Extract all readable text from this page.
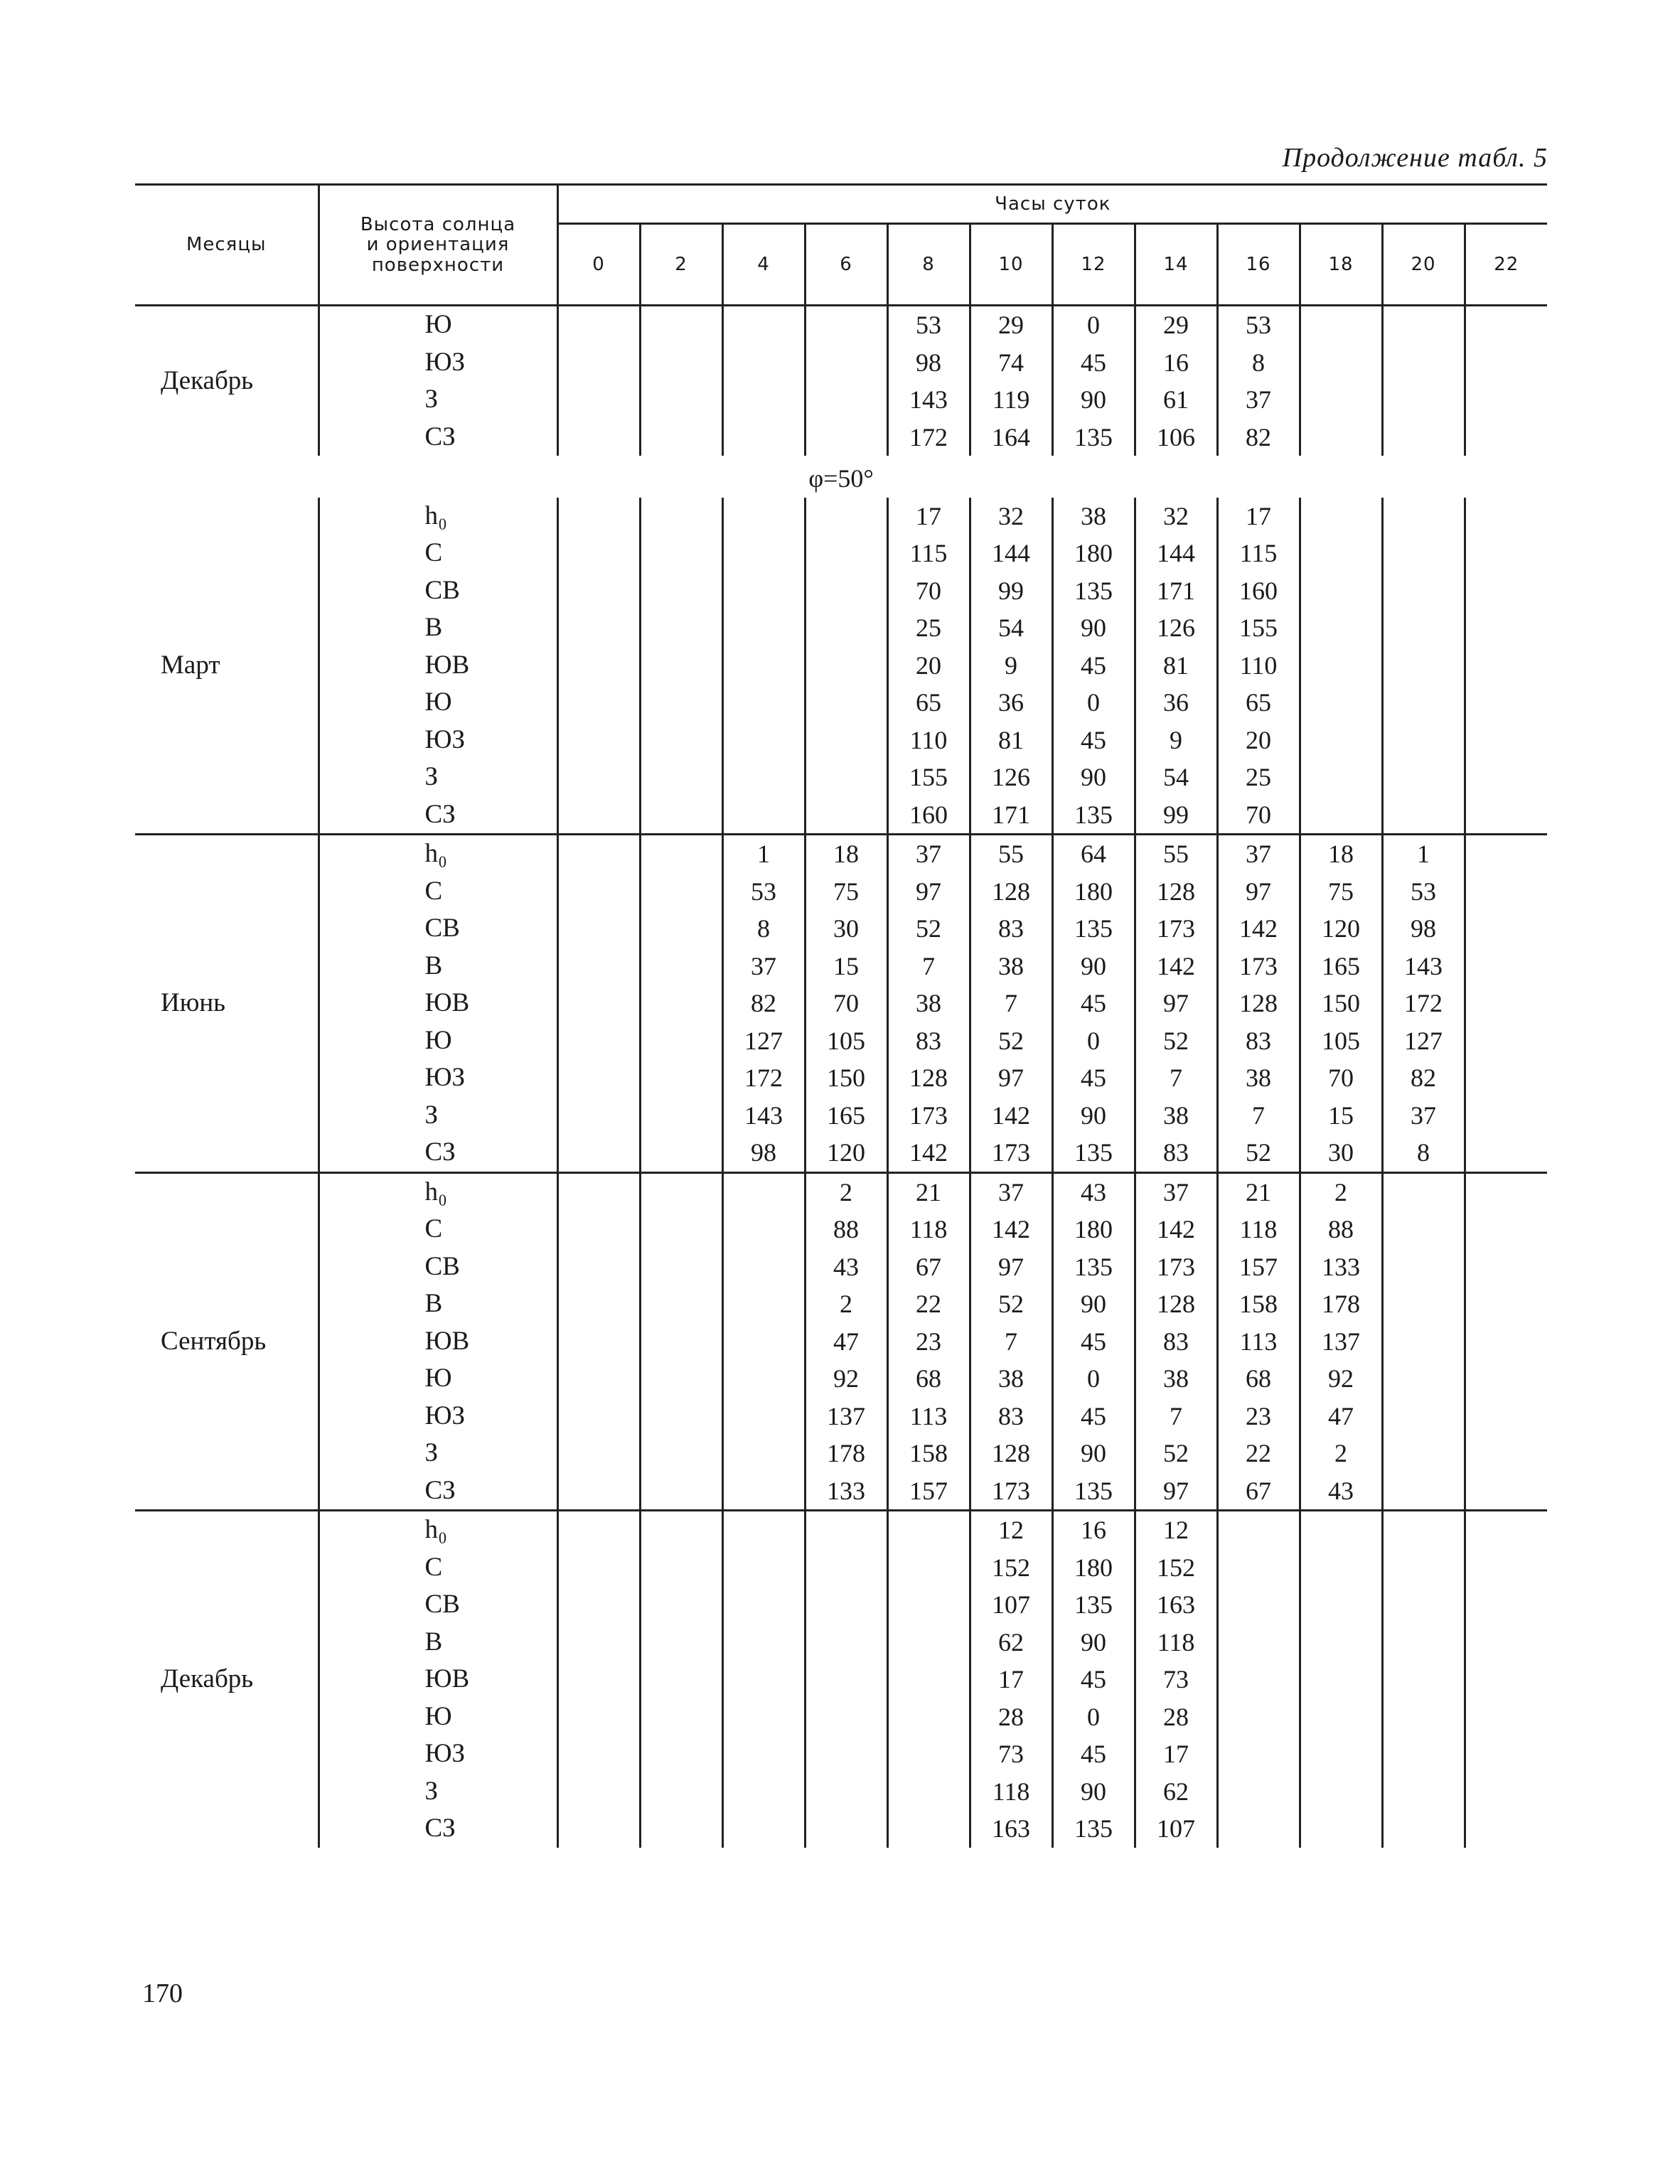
Продолжение табл. 5
Месяцы	Высота солнца и ориентация поверхности	Часы суток											
		0	2	4	6	8	10	12	14	16	18	20	22
Декабрь	Ю					53	29	0	29	53			
	ЮЗ					98	74	45	16	8			
	З					143	119	90	61	37			
	СЗ					172	164	135	106	82			
φ=50°													
Март	h₀					17	32	38	32	17			
	С					115	144	180	144	115			
	СВ					70	99	135	171	160			
	В					25	54	90	126	155			
	ЮВ					20	9	45	81	110			
	Ю					65	36	0	36	65			
	ЮЗ					110	81	45	9	20			
	З					155	126	90	54	25			
	СЗ					160	171	135	99	70			
Июнь	h₀			1	18	37	55	64	55	37	18	1	
	С			53	75	97	128	180	128	97	75	53	
	СВ			8	30	52	83	135	173	142	120	98	
	В			37	15	7	38	90	142	173	165	143	
	ЮВ			82	70	38	7	45	97	128	150	172	
	Ю			127	105	83	52	0	52	83	105	127	
	ЮЗ			172	150	128	97	45	7	38	70	82	
	З			143	165	173	142	90	38	7	15	37	
	СЗ			98	120	142	173	135	83	52	30	8	
Сентябрь	h₀				2	21	37	43	37	21	2		
	С				88	118	142	180	142	118	88		
	СВ				43	67	97	135	173	157	133		
	В				2	22	52	90	128	158	178		
	ЮВ				47	23	7	45	83	113	137		
	Ю				92	68	38	0	38	68	92		
	ЮЗ				137	113	83	45	7	23	47		
	З				178	158	128	90	52	22	2		
	СЗ				133	157	173	135	97	67	43		
Декабрь	h₀						12	16	12				
	С						152	180	152				
	СВ						107	135	163				
	В						62	90	118				
	ЮВ						17	45	73				
	Ю						28	0	28				
	ЮЗ						73	45	17				
	З						118	90	62				
	СЗ						163	135	107				
170
